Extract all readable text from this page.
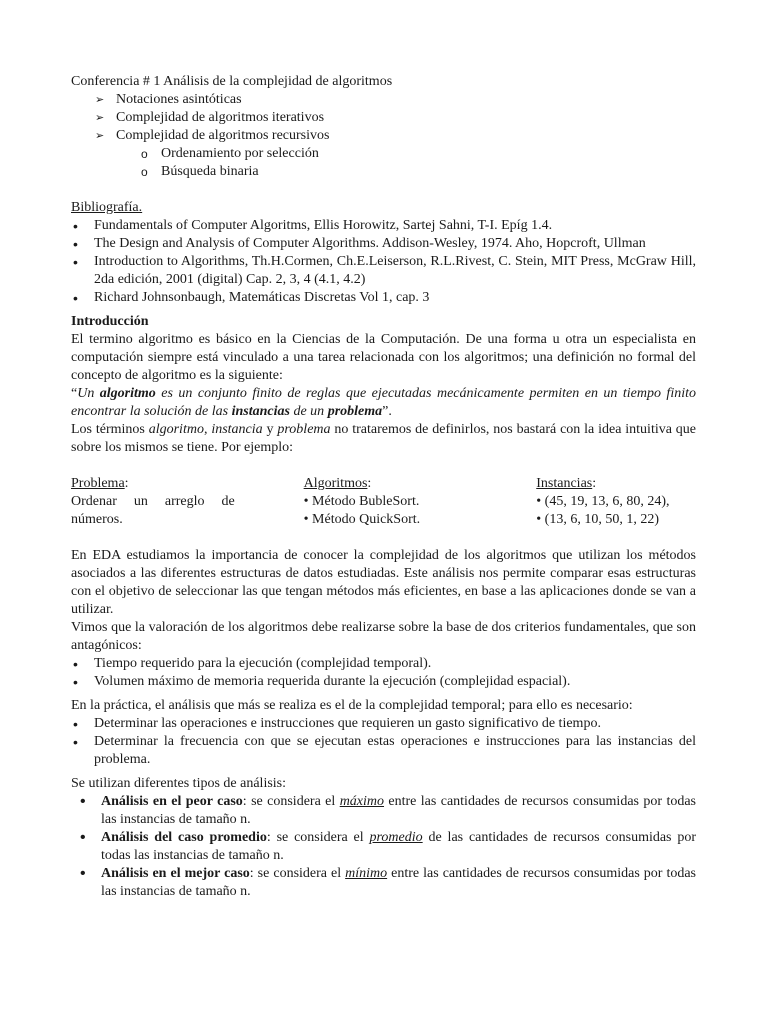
Conferencia # 1 Análisis de la complejidad de algoritmos

➢ Notaciones asintóticas
➢ Complejidad de algoritmos iterativos
➢ Complejidad de algoritmos recursivos
o Ordenamiento por selección
o Búsqueda binaria

Bibliografía.

• Fundamentals of Computer Algoritms, Ellis Horowitz, Sartej Sahni, T-I. Epíg 1.4.
• The Design and Analysis of Computer Algorithms. Addison-Wesley, 1974. Aho, Hopcroft, Ullman
• Introduction to Algorithms, Th.H.Cormen, Ch.E.Leiserson, R.L.Rivest, C. Stein, MIT Press, McGraw Hill, 2da edición, 2001 (digital) Cap. 2, 3, 4 (4.1, 4.2)
• Richard Johnsonbaugh, Matemáticas Discretas Vol 1, cap. 3

Introducción

El termino algoritmo es básico en la Ciencias de la Computación. De una forma u otra un especialista en computación siempre está vinculado a una tarea relacionada con los algoritmos; una definición no formal del concepto de algoritmo es la siguiente:

“Un algoritmo es un conjunto finito de reglas que ejecutadas mecánicamente permiten en un tiempo finito encontrar la solución de las instancias de un problema”.

Los términos algoritmo, instancia y problema no trataremos de definirlos, nos bastará con la idea intuitiva que sobre los mismos se tiene. Por ejemplo:

Problema:

Ordenar un arreglo de

números.

Algoritmos:

• Método BubleSort.

• Método QuickSort.

Instancias:

• (45, 19, 13, 6, 80, 24),

• (13, 6, 10, 50, 1, 22)

En EDA estudiamos la importancia de conocer la complejidad de los algoritmos que utilizan los métodos asociados a las diferentes estructuras de datos estudiadas. Este análisis nos permite comparar esas estructuras con el objetivo de seleccionar las que tengan métodos más eficientes, en base a las aplicaciones donde se van a utilizar.

Vimos que la valoración de los algoritmos debe realizarse sobre la base de dos criterios fundamentales, que son antagónicos:

• Tiempo requerido para la ejecución (complejidad temporal).
• Volumen máximo de memoria requerida durante la ejecución (complejidad espacial).

En la práctica, el análisis que más se realiza es el de la complejidad temporal; para ello es necesario:

• Determinar las operaciones e instrucciones que requieren un gasto significativo de tiempo.
• Determinar la frecuencia con que se ejecutan estas operaciones e instrucciones para las instancias del problema.

Se utilizan diferentes tipos de análisis:

• Análisis en el peor caso: se considera el máximo entre las cantidades de recursos consumidas por todas las instancias de tamaño n.
• Análisis del caso promedio: se considera el promedio de las cantidades de recursos consumidas por todas las instancias de tamaño n.
• Análisis en el mejor caso: se considera el mínimo entre las cantidades de recursos consumidas por todas las instancias de tamaño n.
